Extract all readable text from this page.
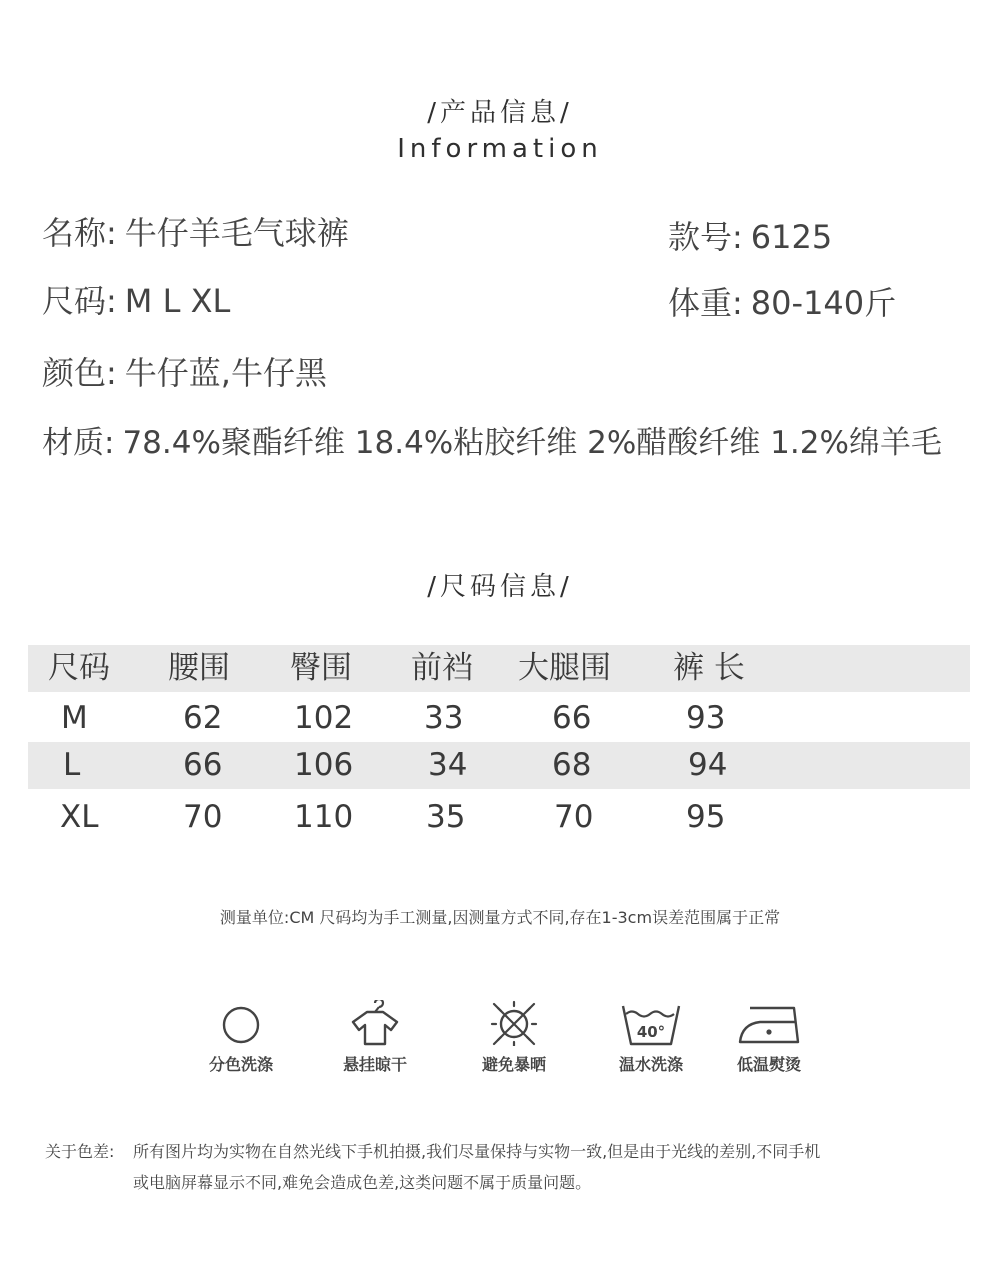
/产品信息/
Information
名称: 牛仔羊毛气球裤	款号: 6125
尺码: M L XL	体重: 80-140斤
颜色: 牛仔蓝,牛仔黑
材质: 78.4%聚酯纤维 18.4%粘胶纤维 2%醋酸纤维 1.2%绵羊毛
/尺码信息/
尺码 腰围 臀围 前裆 大腿围 裤 长
M	62 102 33	66	93
L	66 106 34	68	94
XL	70 110 35	70	95
测量单位:CM 尺码均为手工测量,因测量方式不同,存在1-3cm误差范围属于正常
分色洗涤	悬挂晾干	避免暴晒
40°
温水洗涤	低温熨烫
关于色差: 所有图片均为实物在自然光线下手机拍摄,我们尽量保持与实物一致,但是由于光线的差别,不同手机
或电脑屏幕显示不同,难免会造成色差,这类问题不属于质量问题。
